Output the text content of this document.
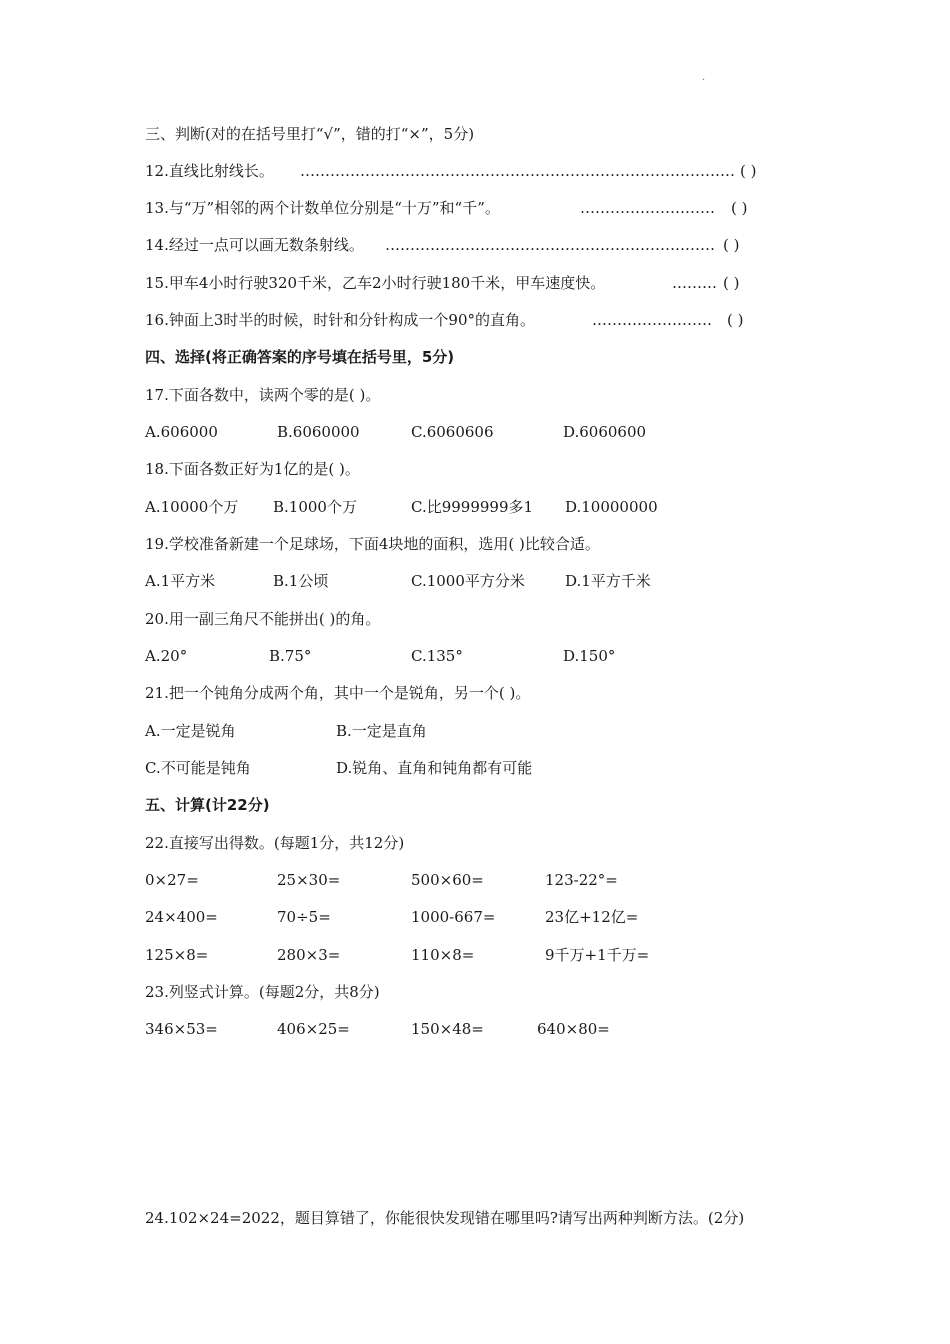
.
三、判断(对的在括号里打“√”，错的打“×”，5分)
12.直线比射线长。 …………………………………………………………………………… ( )
13.与“万”相邻的两个计数单位分别是“十万”和“千”。	……………………… ( )
14.经过一点可以画无数条射线。 ………………………………………………………… ( )
15.甲车4小时行驶320千米，乙车2小时行驶180千米，甲车速度快。	……… ( )
16.钟面上3时半的时候，时针和分针构成一个90°的直角。	…………………… ( )
四、选择(将正确答案的序号填在括号里，5分)
17.下面各数中，读两个零的是( )。
A.606000	B.6060000	C.6060606	D.6060600
18.下面各数正好为1亿的是( )。
A.10000个万 B.1000个万	C.比9999999多1 D.10000000
19.学校准备新建一个足球场，下面4块地的面积，选用( )比较合适。
A.1平方米	B.1公顷	C.1000平方分米	D.1平方千米
20.用一副三角尺不能拼出( )的角。
A.20°	B.75°	C.135°	D.150°
21.把一个钝角分成两个角，其中一个是锐角，另一个( )。
A.一定是锐角	B.一定是直角
C.不可能是钝角	D.锐角、直角和钝角都有可能
五、计算(计22分)
22.直接写出得数。(每题1分，共12分)
0×27=	25×30=	500×60=	123-22°=
24×400=	70÷5=	1000-667=	23亿+12亿=
125×8=	280×3=	110×8=	9千万+1千万=
23.列竖式计算。(每题2分，共8分)
346×53=	406×25=	150×48=	640×80=
24.102×24=2022，题目算错了，你能很快发现错在哪里吗?请写出两种判断方法。(2分)
